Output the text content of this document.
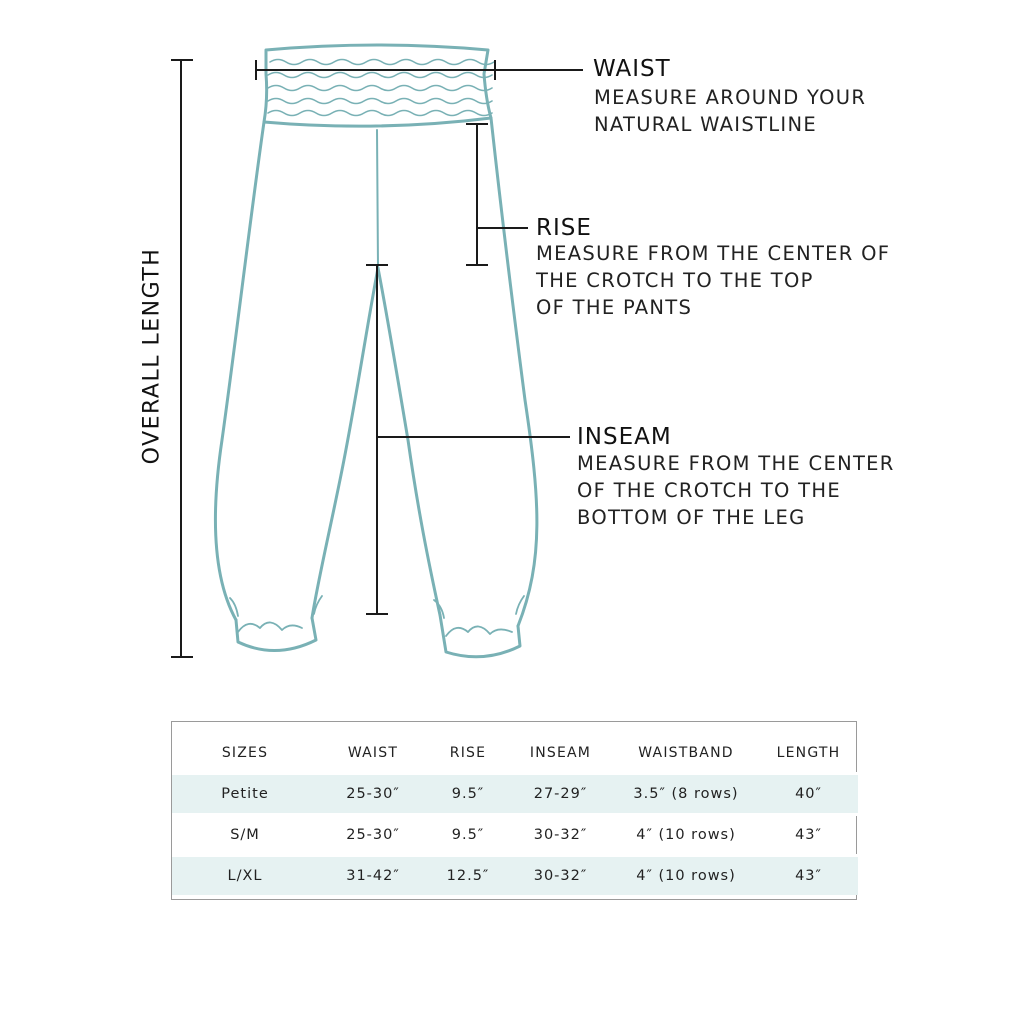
WAIST
MEASURE AROUND YOUR
NATURAL WAISTLINE
RISE
MEASURE FROM THE CENTER OF
THE CROTCH TO THE TOP
OF THE PANTS
INSEAM
MEASURE FROM THE CENTER
OF THE CROTCH TO THE
BOTTOM OF THE LEG
OVERALL LENGTH
SIZES	WAIST	RISE	INSEAM	WAISTBAND	LENGTH
Petite	25-30″	9.5″	27-29″	3.5″ (8 rows)	40″
S/M	25-30″	9.5″	30-32″	4″ (10 rows)	43″
L/XL	31-42″	12.5″	30-32″	4″ (10 rows)	43″
